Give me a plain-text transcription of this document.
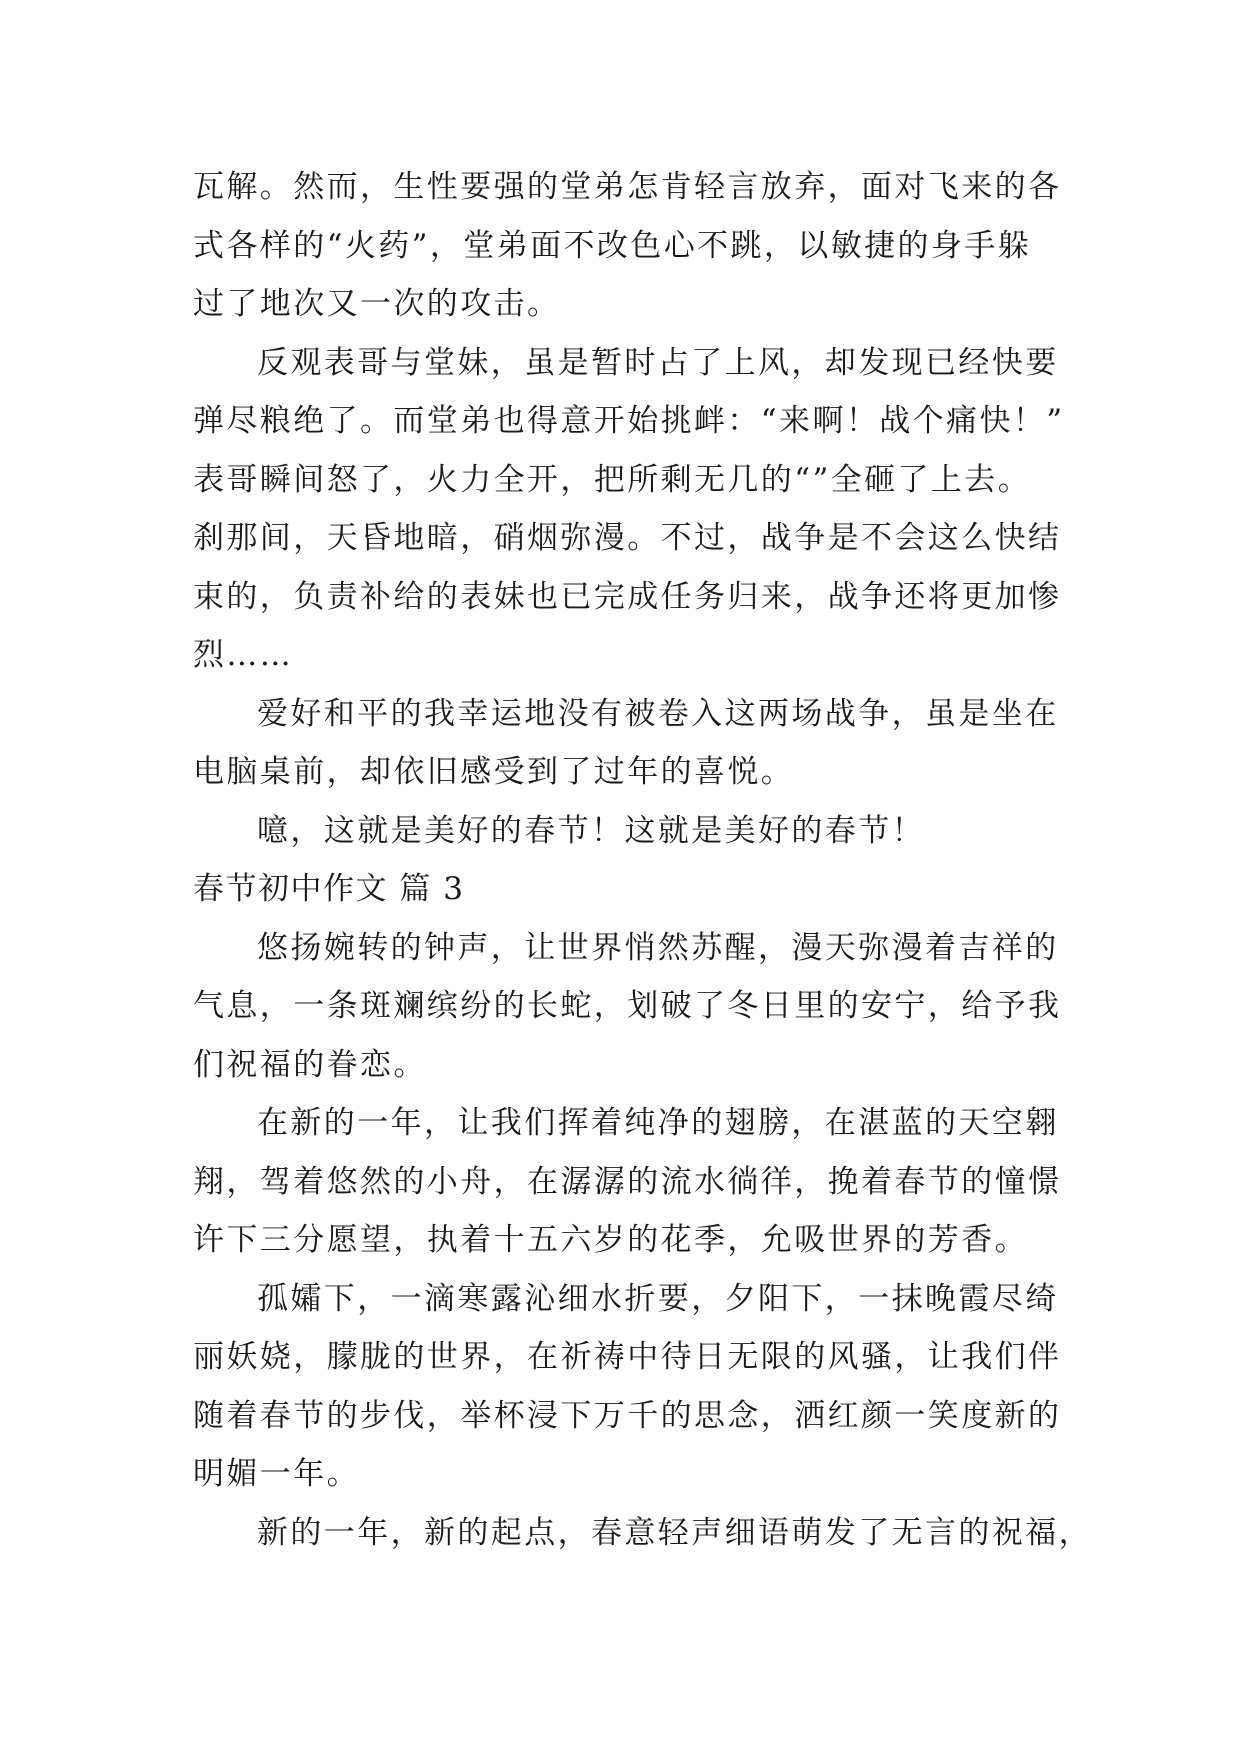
瓦解。然而，生性要强的堂弟怎肯轻言放弃，面对飞来的各
式各样的“火药”，堂弟面不改色心不跳，以敏捷的身手躲
过了地次又一次的攻击。
反观表哥与堂妹，虽是暂时占了上风，却发现已经快要
弹尽粮绝了。而堂弟也得意开始挑衅：“来啊！战个痛快！”
表哥瞬间怒了，火力全开，把所剩无几的“”全砸了上去。
刹那间，天昏地暗，硝烟弥漫。不过，战争是不会这么快结
束的，负责补给的表妹也已完成任务归来，战争还将更加惨
烈……
爱好和平的我幸运地没有被卷入这两场战争，虽是坐在
电脑桌前，却依旧感受到了过年的喜悦。
噫，这就是美好的春节！这就是美好的春节！
春节初中作文 篇 3
悠扬婉转的钟声，让世界悄然苏醒，漫天弥漫着吉祥的
气息，一条斑斓缤纷的长蛇，划破了冬日里的安宁，给予我
们祝福的眷恋。
在新的一年，让我们挥着纯净的翅膀，在湛蓝的天空翱
翔，驾着悠然的小舟，在潺潺的流水徜徉，挽着春节的憧憬
许下三分愿望，执着十五六岁的花季，允吸世界的芳香。
孤孀下，一滴寒露沁细水折要，夕阳下，一抹晚霞尽绮
丽妖娆，朦胧的世界，在祈祷中待日无限的风骚，让我们伴
随着春节的步伐，举杯浸下万千的思念，洒红颜一笑度新的
明媚一年。
新的一年，新的起点，春意轻声细语萌发了无言的祝福，
